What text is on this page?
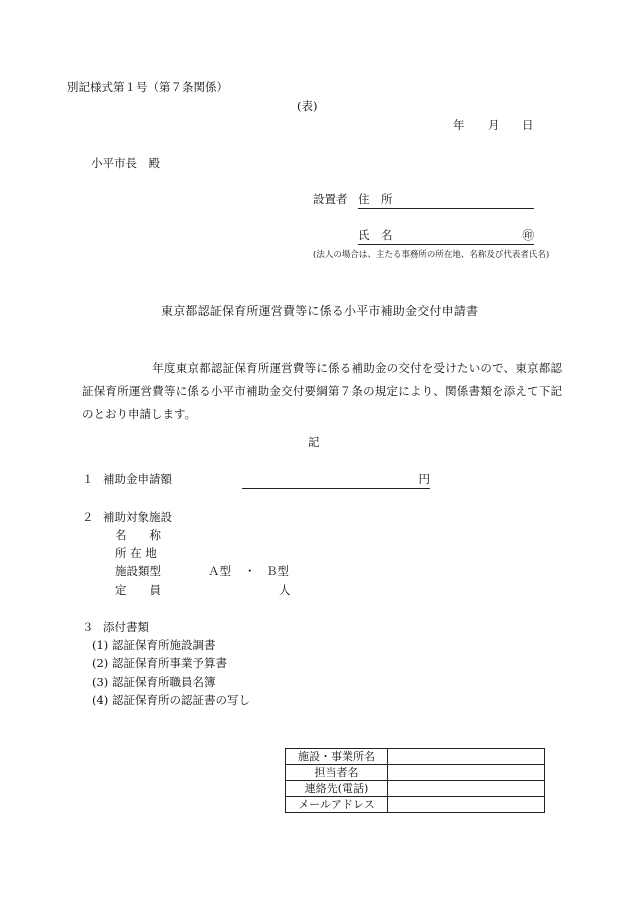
別記様式第１号（第７条関係）
(表)
年 月 日
小平市長　殿
設置者 住　所
氏　名	㊞
(法人の場合は、主たる事務所の所在地、名称及び代表者氏名)
東京都認証保育所運営費等に係る小平市補助金交付申請書
　　　　　　年度東京都認証保育所運営費等に係る補助金の交付を受けたいので、東京都認証保育所運営費等に係る小平市補助金交付要綱第７条の規定により、関係書類を添えて下記のとおり申請します。
記
１ 補助金申請額	円
２ 補助対象施設
名　　称
所 在 地
施設類型	Ａ型 ・ Ｂ型
定　　員	人
３ 添付書類
(1) 認証保育所施設調書
(2) 認証保育所事業予算書
(3) 認証保育所職員名簿
(4) 認証保育所の認証書の写し
施設・事業所名	
担当者名	
連絡先(電話)	
メールアドレス	
